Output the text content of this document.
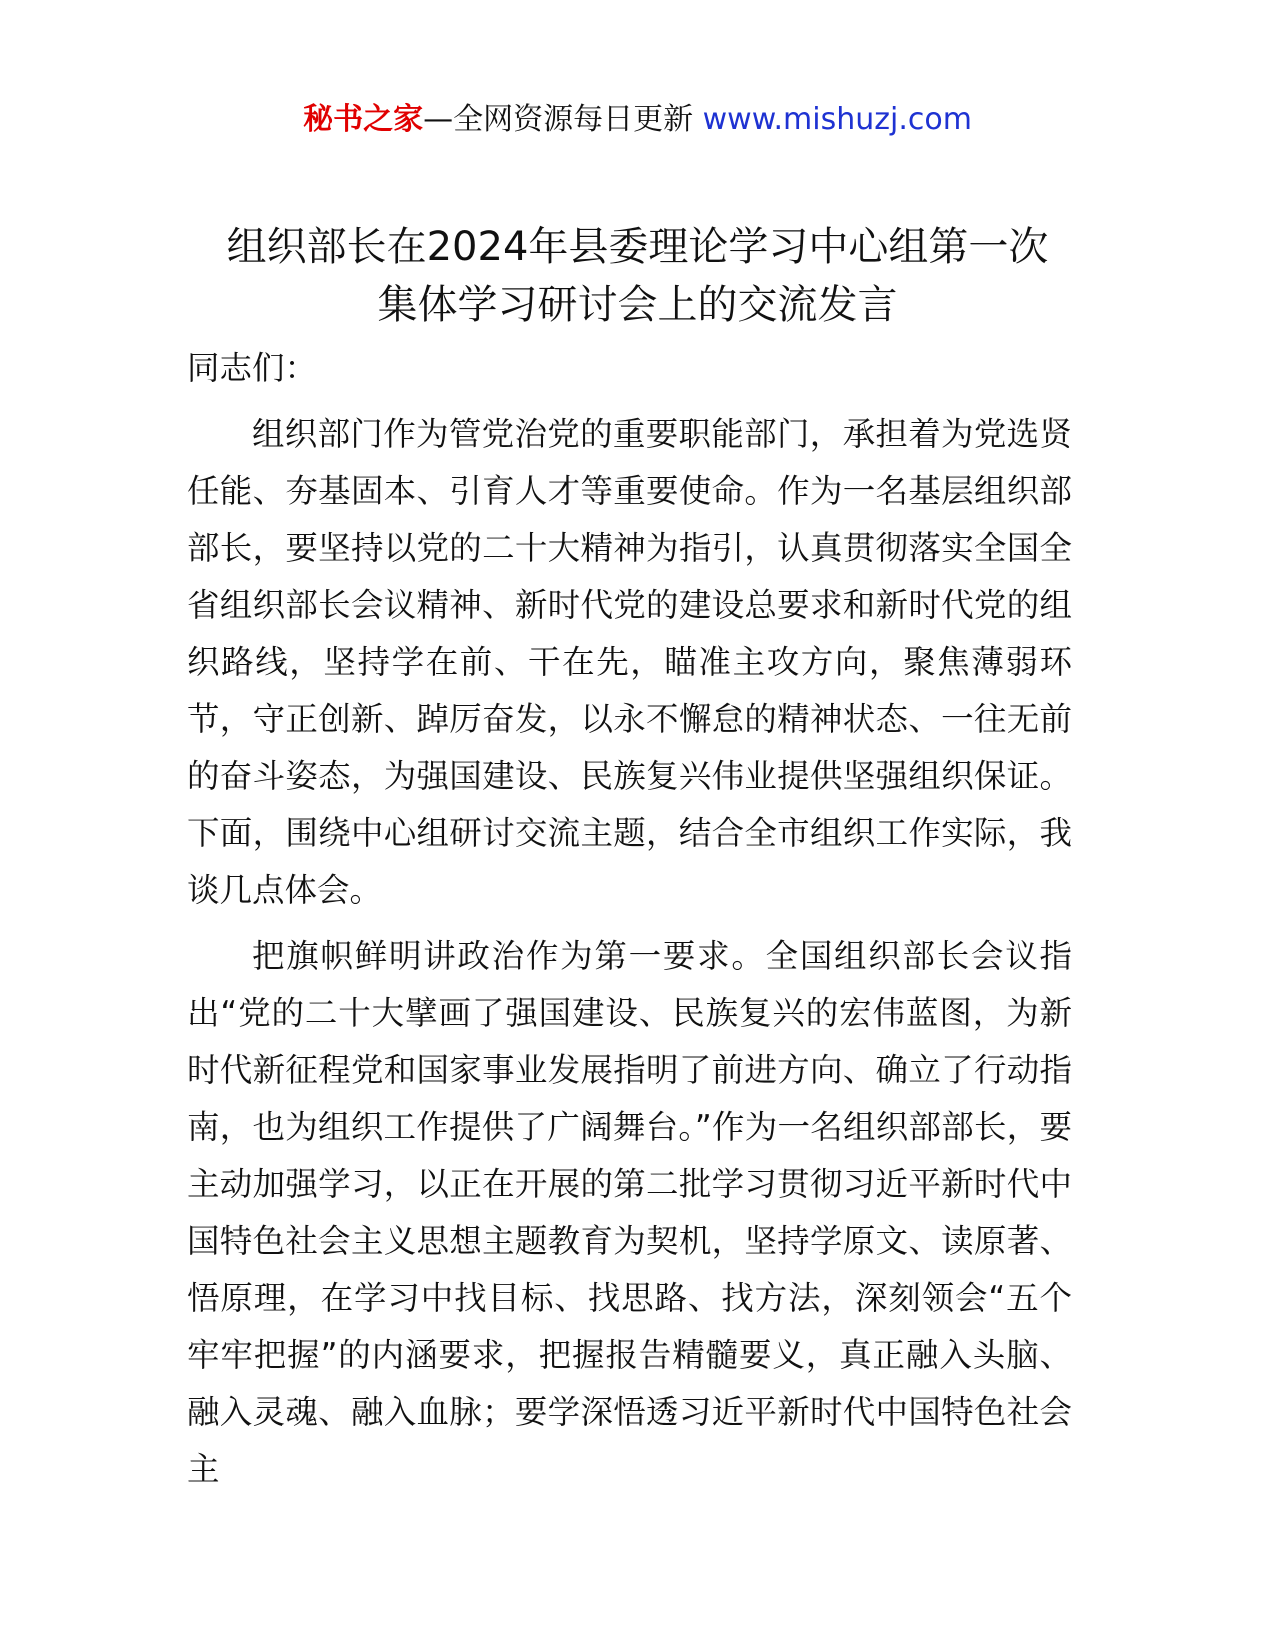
秘书之家—全网资源每日更新 www.mishuzj.com
组织部长在2024年县委理论学习中心组第一次
集体学习研讨会上的交流发言

同志们：

组织部门作为管党治党的重要职能部门，承担着为党选贤任能、夯基固本、引育人才等重要使命。作为一名基层组织部部长，要坚持以党的二十大精神为指引，认真贯彻落实全国全省组织部长会议精神、新时代党的建设总要求和新时代党的组织路线，坚持学在前、干在先，瞄准主攻方向，聚焦薄弱环节，守正创新、踔厉奋发，以永不懈怠的精神状态、一往无前的奋斗姿态，为强国建设、民族复兴伟业提供坚强组织保证。下面，围绕中心组研讨交流主题，结合全市组织工作实际，我谈几点体会。

把旗帜鲜明讲政治作为第一要求。全国组织部长会议指出“党的二十大擘画了强国建设、民族复兴的宏伟蓝图，为新时代新征程党和国家事业发展指明了前进方向、确立了行动指南，也为组织工作提供了广阔舞台。”作为一名组织部部长，要主动加强学习，以正在开展的第二批学习贯彻习近平新时代中国特色社会主义思想主题教育为契机，坚持学原文、读原著、悟原理，在学习中找目标、找思路、找方法，深刻领会“五个牢牢把握”的内涵要求，把握报告精髓要义，真正融入头脑、融入灵魂、融入血脉；要学深悟透习近平新时代中国特色社会主
